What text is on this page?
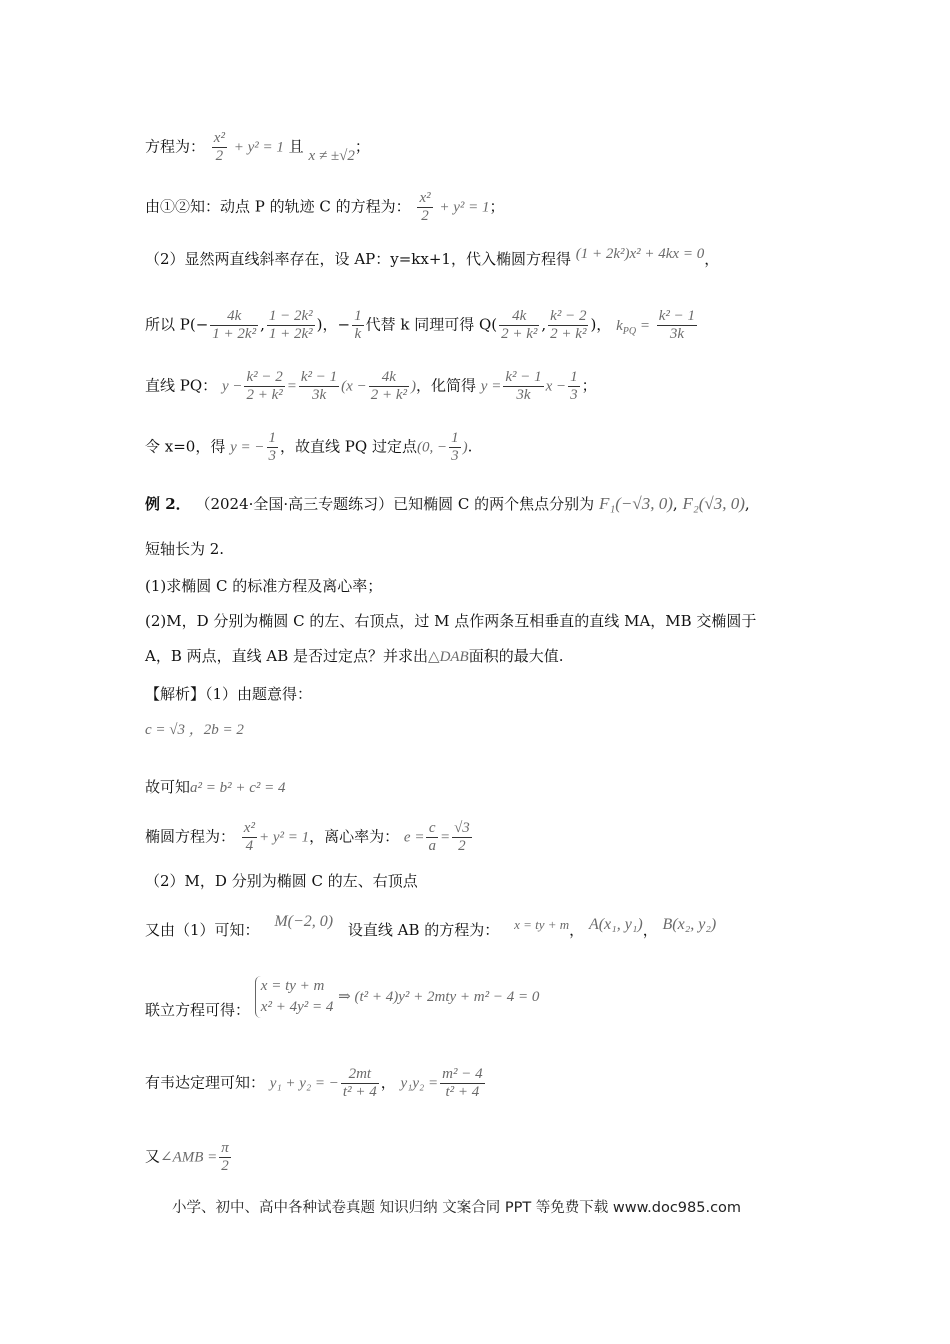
方程为： $\frac{\text{x²}}{2} + y^2 = 1$ 且 x ≠ ±√2；
由①②知：动点 P 的轨迹 C 的方程为： $\frac{\text{x²}}{2} + y^2 = 1$；
（2）显然两直线斜率存在，设 AP：y=kx+1，代入椭圆方程得 (1 + 2k²)x² + 4kx = 0，
所以 $P(- \frac{4k}{\text{1 + 2k²}}$ , $\frac{\text{1 − 2k²}}{\text{1 + 2k²}}$ )，− $\frac{1}{k}$ 代替 k 同理可得 $Q( \frac{4k}{\text{2 + k²}}$ , $\frac{\text{k² − 2}}{\text{2 + k²}}$ )， $k_{PQ} = \frac{\text{k² − 1}}{3k}$
直线 PQ： $y - \frac{\text{k² − 2}}{\text{2 + k²}} = \frac{\text{k² − 1}}{3k} (x - \frac{4k}{\text{2 + k²}}$ )，化简得 $y = \frac{\text{k² − 1}}{3k}$ $x - \frac{1}{3}$ ；
令 x=0，得 y = − $\frac{1}{3}$ ，故直线 PQ 过定点(0, − $\frac{1}{3}$ ).
例 2． （2024·全国·高三专题练习）已知椭圆 C 的两个焦点分别为 F₁(−√3, 0), F₂(√3, 0),
短轴长为 2.
(1)求椭圆 C 的标准方程及离心率；
(2)M，D 分别为椭圆 C 的左、右顶点，过 M 点作两条互相垂直的直线 MA，MB 交椭圆于
A，B 两点，直线 AB 是否过定点？并求出△DAB面积的最大值.
【解析】（1）由题意得：
c = √3 ，2b = 2
故可知a² = b² + c² = 4
椭圆方程为： $\frac{\text{x²}}{4} + y^2 = 1$，离心率为： $e = \frac{c}{a} = \frac{√3}{2}$
（2）M，D 分别为椭圆 C 的左、右顶点
又由（1）可知： M(−2, 0) 设直线 AB 的方程为： x = ty + m， A(x₁, y₁)， B(x₂, y₂)
联立方程可得： x = ty + m
x² + 4y² = 4 ⇒ (t² + 4)y² + 2mty + m² − 4 = 0
有韦达定理可知： y₁ + y₂ = − $\frac{2mt}{\text{t² + 4}}$ ， $y_1y_2 = \frac{\text{m² − 4}}{\text{t² + 4}}$
又∠AMB = $\frac{\pi}{2}$
小学、初中、高中各种试卷真题 知识归纳 文案合同 PPT 等免费下载 www.doc985.com
